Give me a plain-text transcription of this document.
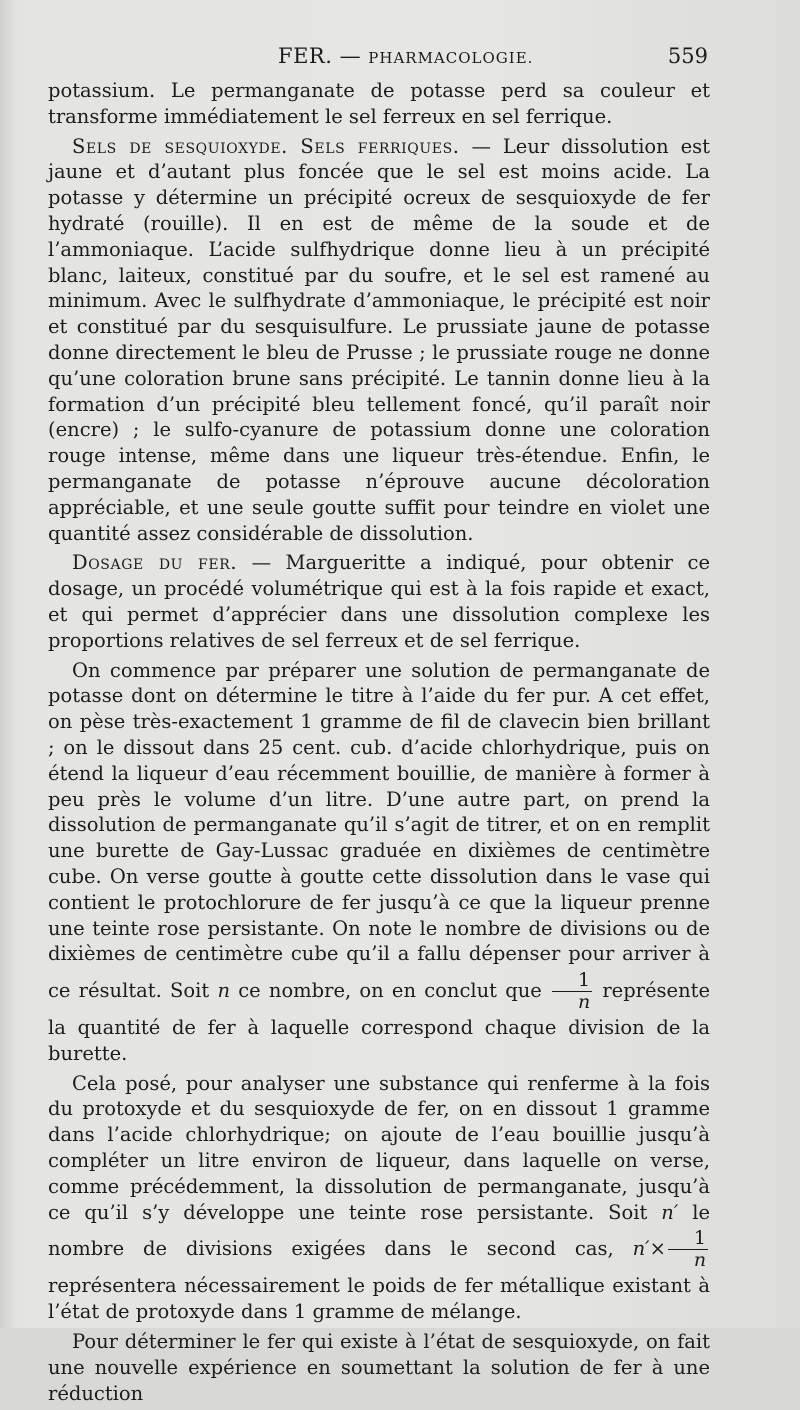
FER. — PHARMACOLOGIE.	559

potassium. Le permanganate de potasse perd sa couleur et transforme immédiatement le sel ferreux en sel ferrique.

Sels de sesquioxyde. Sels ferriques. — Leur dissolution est jaune et d’autant plus foncée que le sel est moins acide. La potasse y détermine un précipité ocreux de sesquioxyde de fer hydraté (rouille). Il en est de même de la soude et de l’ammoniaque. L’acide sulfhydrique donne lieu à un précipité blanc, laiteux, constitué par du soufre, et le sel est ramené au minimum. Avec le sulfhydrate d’ammoniaque, le précipité est noir et constitué par du sesquisulfure. Le prussiate jaune de potasse donne directement le bleu de Prusse ; le prussiate rouge ne donne qu’une coloration brune sans précipité. Le tannin donne lieu à la formation d’un précipité bleu tellement foncé, qu’il paraît noir (encre) ; le sulfo-cyanure de potassium donne une coloration rouge intense, même dans une liqueur très-étendue. Enfin, le permanganate de potasse n’éprouve aucune décoloration appréciable, et une seule goutte suffit pour teindre en violet une quantité assez considérable de dissolution.

Dosage du fer. — Margueritte a indiqué, pour obtenir ce dosage, un procédé volumétrique qui est à la fois rapide et exact, et qui permet d’apprécier dans une dissolution complexe les proportions relatives de sel ferreux et de sel ferrique.

On commence par préparer une solution de permanganate de potasse dont on détermine le titre à l’aide du fer pur. A cet effet, on pèse très-exactement 1 gramme de fil de clavecin bien brillant ; on le dissout dans 25 cent. cub. d’acide chlorhydrique, puis on étend la liqueur d’eau récemment bouillie, de manière à former à peu près le volume d’un litre. D’une autre part, on prend la dissolution de permanganate qu’il s’agit de titrer, et on en remplit une burette de Gay-Lussac graduée en dixièmes de centimètre cube. On verse goutte à goutte cette dissolution dans le vase qui contient le protochlorure de fer jusqu’à ce que la liqueur prenne une teinte rose persistante. On note le nombre de divisions ou de dixièmes de centimètre cube qu’il a fallu dépenser pour arriver à ce résultat. Soit n ce nombre, on en conclut que $\frac{1}{n}$ représente la quantité de fer à laquelle correspond chaque division de la burette.

Cela posé, pour analyser une substance qui renferme à la fois du protoxyde et du sesquioxyde de fer, on en dissout 1 gramme dans l’acide chlorhydrique; on ajoute de l’eau bouillie jusqu’à compléter un litre environ de liqueur, dans laquelle on verse, comme précédemment, la dissolution de permanganate, jusqu’à ce qu’il s’y développe une teinte rose persistante. Soit n′ le nombre de divisions exigées dans le second cas, $n'\times \frac{1}{n}$
représentera nécessairement le poids de fer métallique existant à l’état de protoxyde dans 1 gramme de mélange.

Pour déterminer le fer qui existe à l’état de sesquioxyde, on fait une nouvelle expérience en soumettant la solution de fer à une réduction
